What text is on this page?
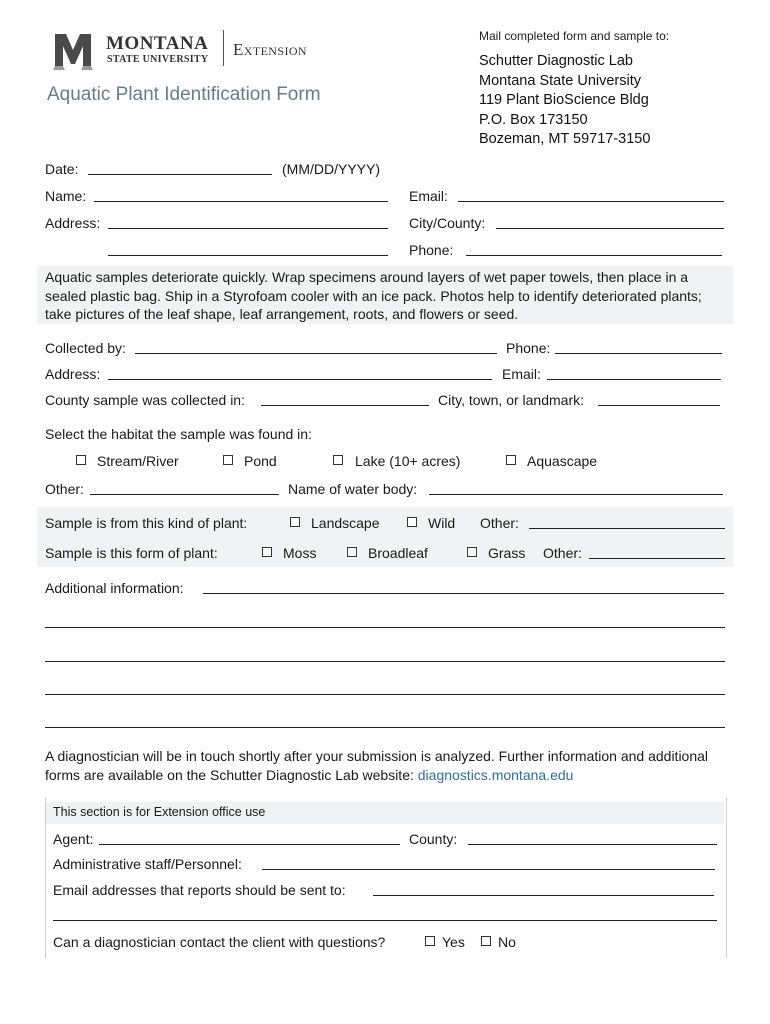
MONTANA
STATE UNIVERSITY
Extension
Aquatic Plant Identification Form
Mail completed form and sample to:
Schutter Diagnostic Lab
Montana State University
119 Plant BioScience Bldg
P.O. Box 173150
Bozeman, MT 59717-3150
Date:	(MM/DD/YYYY)
Name:	Email:
Address:	City/County:
Phone:
Aquatic samples deteriorate quickly. Wrap specimens around layers of wet paper towels, then place in a sealed plastic bag. Ship in a Styrofoam cooler with an ice pack. Photos help to identify deteriorated plants; take pictures of the leaf shape, leaf arrangement, roots, and flowers or seed.
Collected by:	Phone:
Address:	Email:
County sample was collected in:	City, town, or landmark:
Select the habitat the sample was found in:
Stream/River	Pond	Lake (10+ acres)	Aquascape
Other:	Name of water body:
Sample is from this kind of plant:	Landscape	Wild Other:
Sample is this form of plant:	Moss	Broadleaf	Grass Other:
Additional information:
A diagnostician will be in touch shortly after your submission is analyzed. Further information and additional forms are available on the Schutter Diagnostic Lab website: diagnostics.montana.edu
This section is for Extension office use
Agent:	County:
Administrative staff/Personnel:
Email addresses that reports should be sent to:
Can a diagnostician contact the client with questions?	Yes No
